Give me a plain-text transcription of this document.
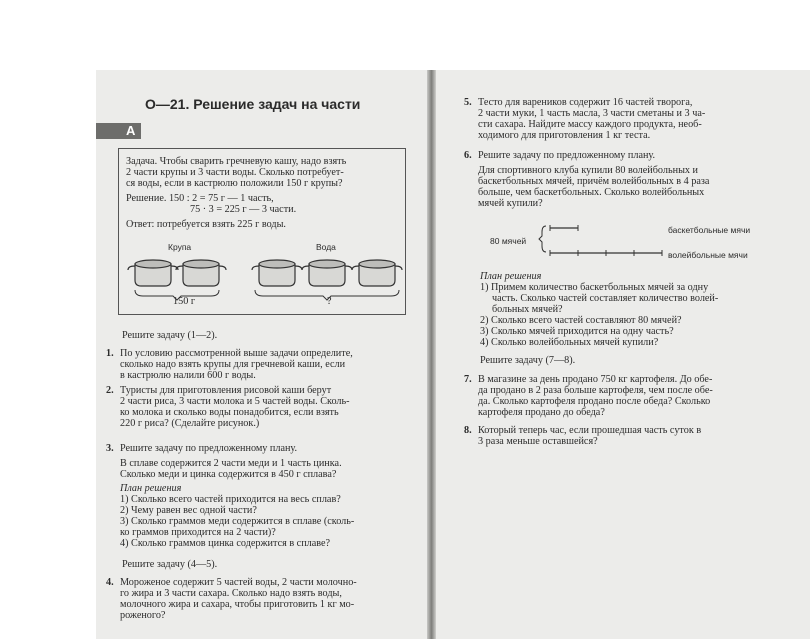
О—21. Решение задач на части
A
Задача. Чтобы сварить гречневую кашу, надо взять
2 части крупы и 3 части воды. Сколько потребует-
ся воды, если в кастрюлю положили 150 г крупы?
Решение. 150 : 2 = 75 г — 1 часть,
75 · 3 = 225 г — 3 части.
Ответ: потребуется взять 225 г воды.
Крупа	Вода
150 г	?
Решите задачу (1—2).
1. По условию рассмотренной выше задачи определите,
сколько надо взять крупы для гречневой каши, если
в кастрюлю налили 600 г воды.
2. Туристы для приготовления рисовой каши берут
2 части риса, 3 части молока и 5 частей воды. Сколь-
ко молока и сколько воды понадобится, если взять
220 г риса? (Сделайте рисунок.)
3. Решите задачу по предложенному плану.
В сплаве содержится 2 части меди и 1 часть цинка.
Сколько меди и цинка содержится в 450 г сплава?
План решения
1) Сколько всего частей приходится на весь сплав?
2) Чему равен вес одной части?
3) Сколько граммов меди содержится в сплаве (сколь-
ко граммов приходится на 2 части)?
4) Сколько граммов цинка содержится в сплаве?
Решите задачу (4—5).
4. Мороженое содержит 5 частей воды, 2 части молочно-
го жира и 3 части сахара. Сколько надо взять воды,
молочного жира и сахара, чтобы приготовить 1 кг мо-
роженого?
5. Тесто для вареников содержит 16 частей творога,
2 части муки, 1 часть масла, 3 части сметаны и 3 ча-
сти сахара. Найдите массу каждого продукта, необ-
ходимого для приготовления 1 кг теста.
6. Решите задачу по предложенному плану.
Для спортивного клуба купили 80 волейбольных и
баскетбольных мячей, причём волейбольных в 4 раза
больше, чем баскетбольных. Сколько волейбольных
мячей купили?
80 мячей
баскетбольные мячи
волейбольные мячи
План решения
1) Примем количество баскетбольных мячей за одну
часть. Сколько частей составляет количество волей-
больных мячей?
2) Сколько всего частей составляют 80 мячей?
3) Сколько мячей приходится на одну часть?
4) Сколько волейбольных мячей купили?
Решите задачу (7—8).
7. В магазине за день продано 750 кг картофеля. До обе-
да продано в 2 раза больше картофеля, чем после обе-
да. Сколько картофеля продано после обеда? Сколько
картофеля продано до обеда?
8. Который теперь час, если прошедшая часть суток в
3 раза меньше оставшейся?
